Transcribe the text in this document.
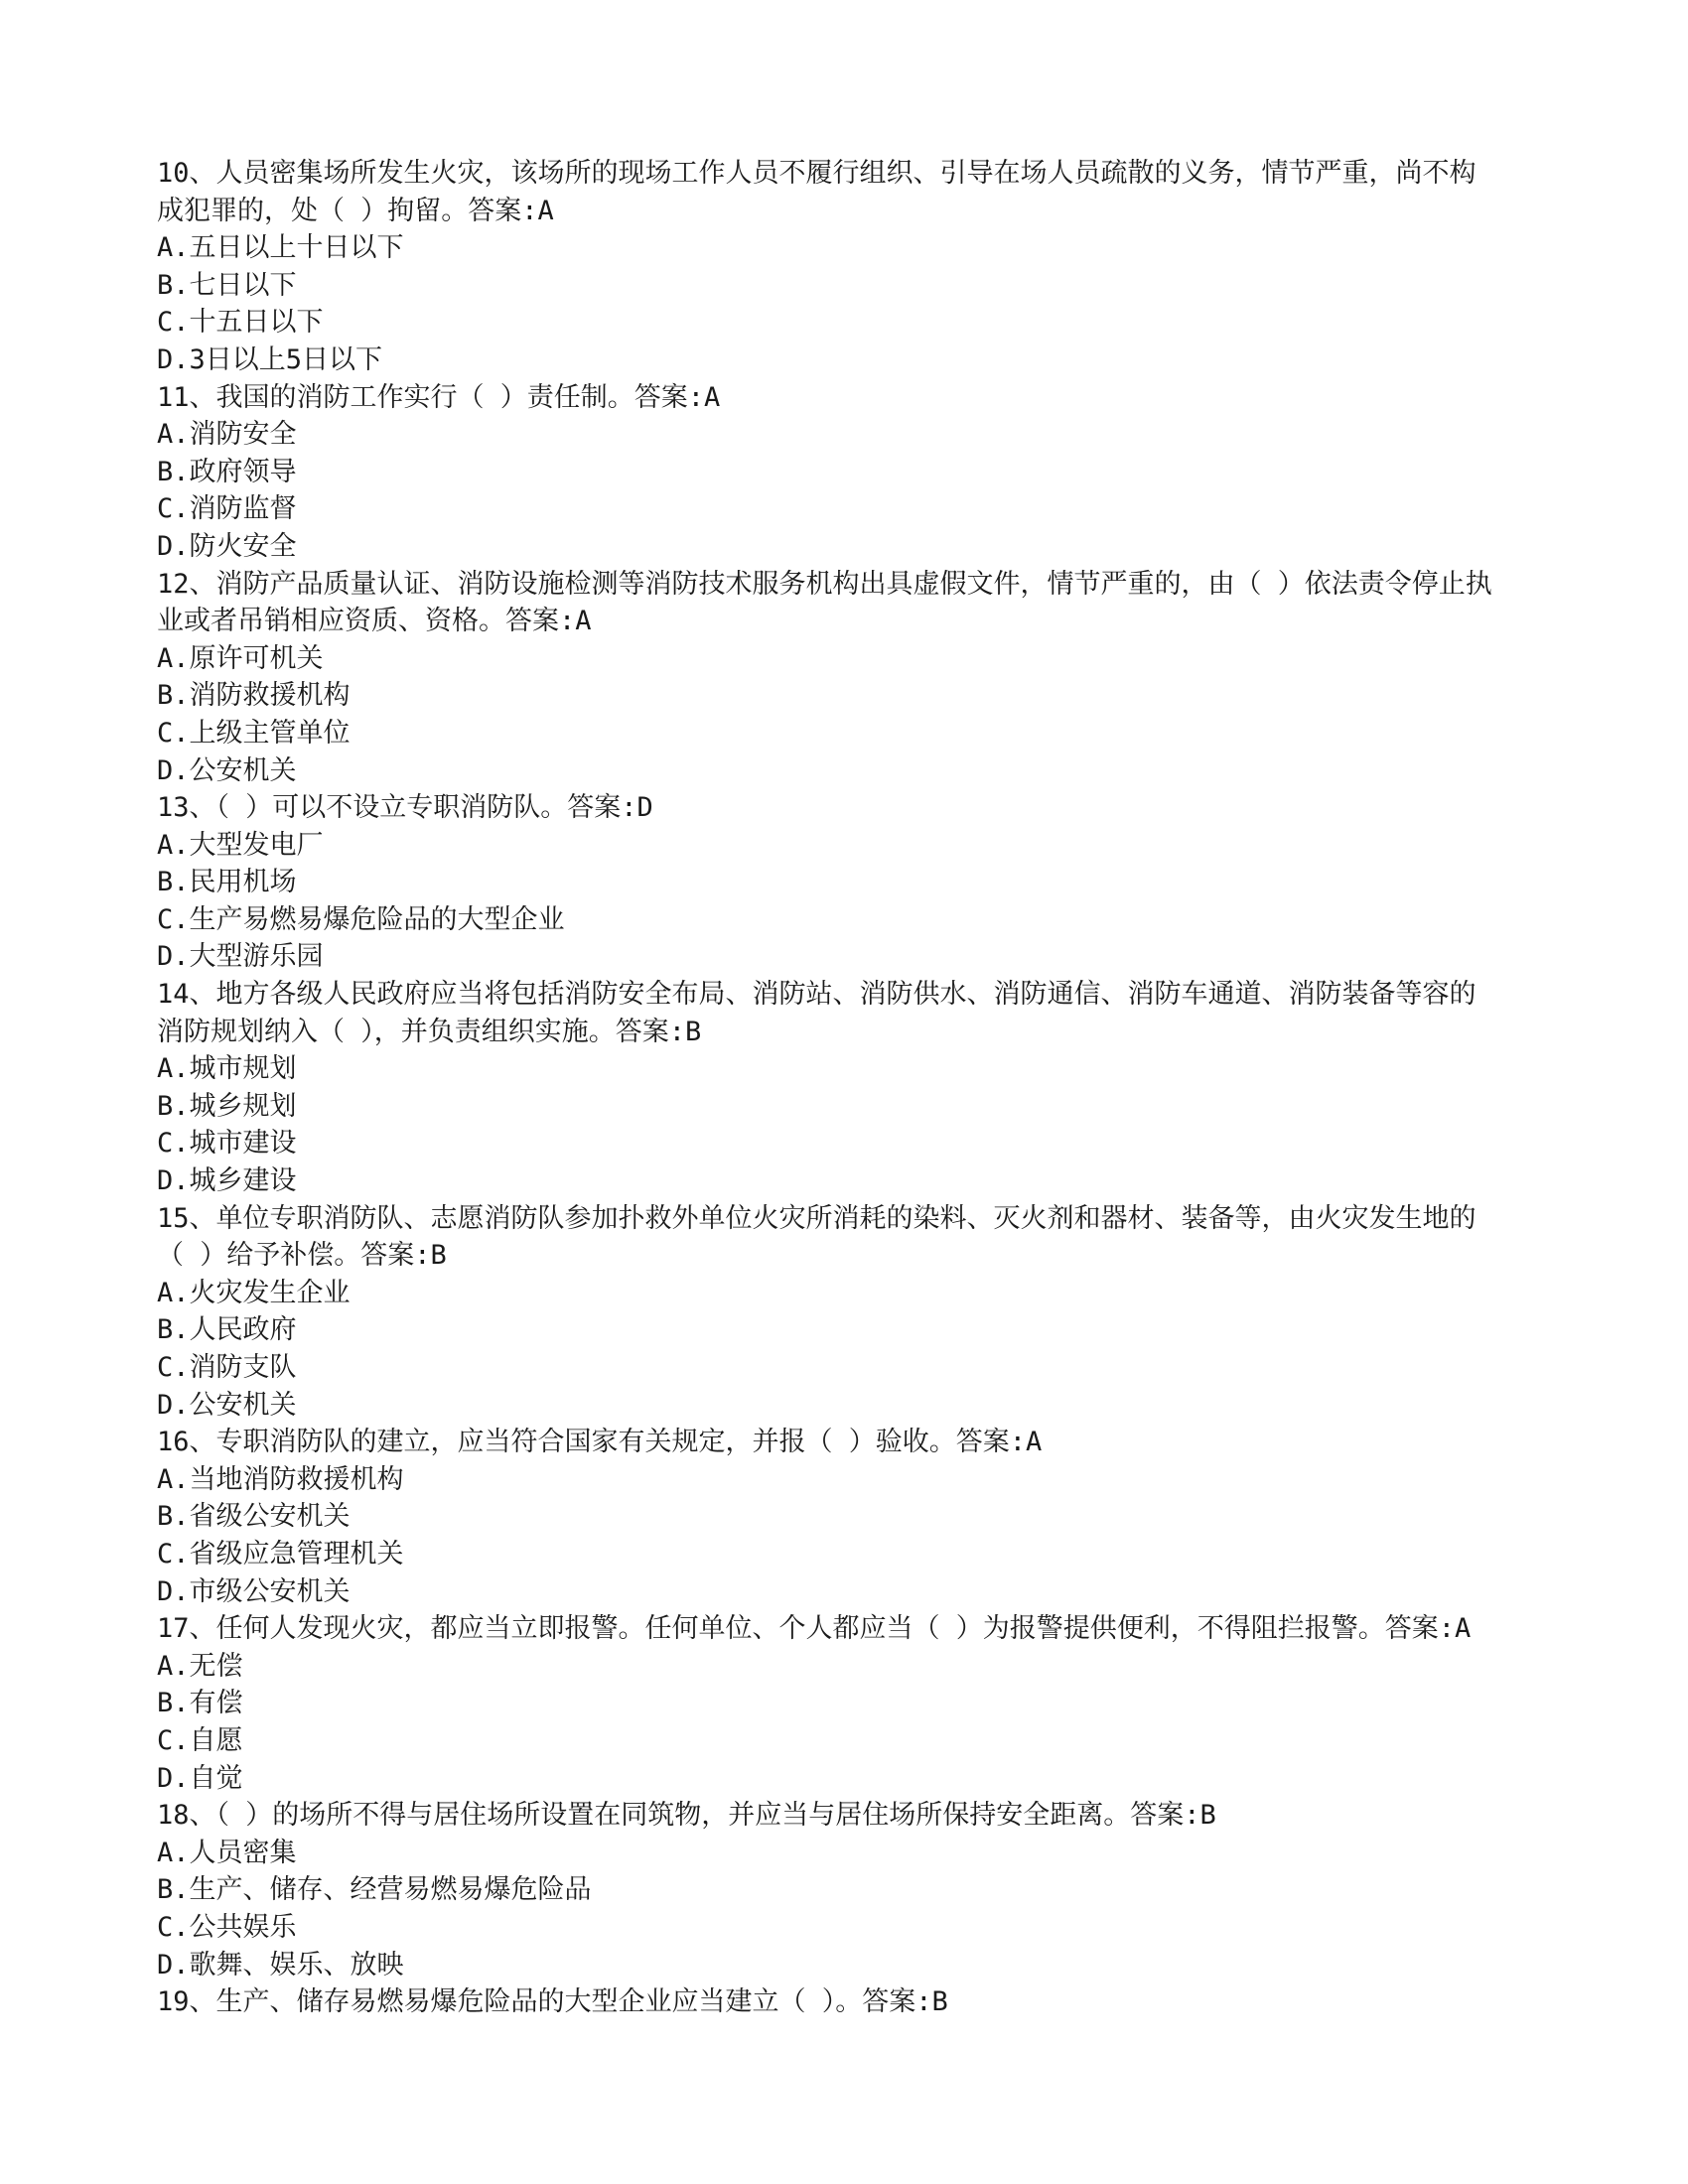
10、人员密集场所发生火灾，该场所的现场工作人员不履行组织、引导在场人员疏散的义务，情节严重，尚不构

成犯罪的，处（ ）拘留。答案:A

A.五日以上十日以下

B.七日以下

C.十五日以下

D.3日以上5日以下

11、我国的消防工作实行（ ）责任制。答案:A

A.消防安全

B.政府领导

C.消防监督

D.防火安全

12、消防产品质量认证、消防设施检测等消防技术服务机构出具虚假文件，情节严重的，由（ ）依法责令停止执

业或者吊销相应资质、资格。答案:A

A.原许可机关

B.消防救援机构

C.上级主管单位

D.公安机关

13、（ ）可以不设立专职消防队。答案:D

A.大型发电厂

B.民用机场

C.生产易燃易爆危险品的大型企业

D.大型游乐园

14、地方各级人民政府应当将包括消防安全布局、消防站、消防供水、消防通信、消防车通道、消防装备等容的

消防规划纳入（ ），并负责组织实施。答案:B

A.城市规划

B.城乡规划

C.城市建设

D.城乡建设

15、单位专职消防队、志愿消防队参加扑救外单位火灾所消耗的染料、灭火剂和器材、装备等，由火灾发生地的

（ ）给予补偿。答案:B

A.火灾发生企业

B.人民政府

C.消防支队

D.公安机关

16、专职消防队的建立，应当符合国家有关规定，并报（ ）验收。答案:A

A.当地消防救援机构

B.省级公安机关

C.省级应急管理机关

D.市级公安机关

17、任何人发现火灾，都应当立即报警。任何单位、个人都应当（ ）为报警提供便利，不得阻拦报警。答案:A

A.无偿

B.有偿

C.自愿

D.自觉

18、（ ）的场所不得与居住场所设置在同筑物，并应当与居住场所保持安全距离。答案:B

A.人员密集

B.生产、储存、经营易燃易爆危险品

C.公共娱乐

D.歌舞、娱乐、放映

19、生产、储存易燃易爆危险品的大型企业应当建立（ ）。答案:B
